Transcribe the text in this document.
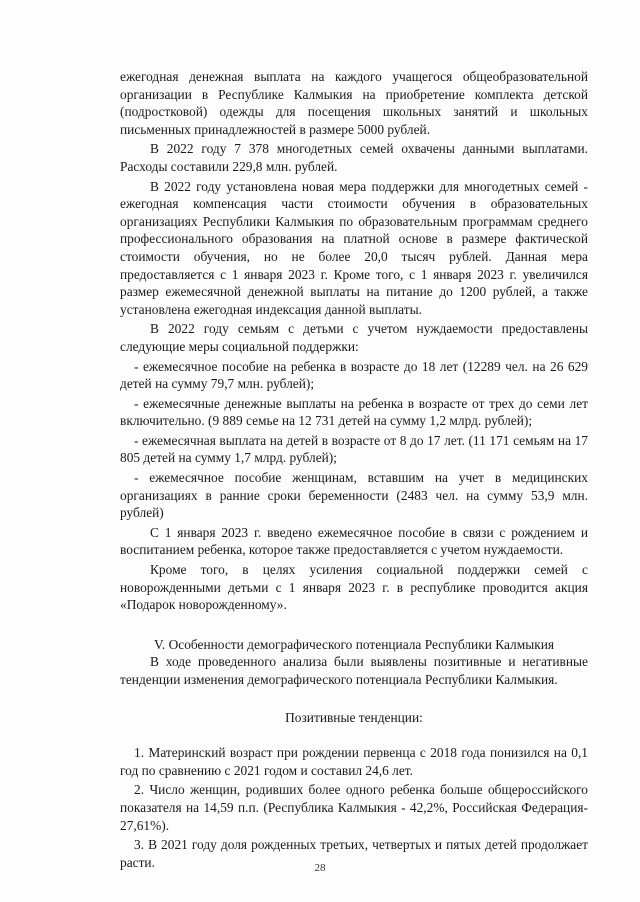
ежегодная денежная выплата на каждого учащегося общеобразовательной организации в Республике Калмыкия на приобретение комплекта детской (подростковой) одежды для посещения школьных занятий и школьных письменных принадлежностей в размере 5000 рублей.

В 2022 году 7 378 многодетных семей охвачены данными выплатами. Расходы составили 229,8 млн. рублей.

В 2022 году установлена новая мера поддержки для многодетных семей - ежегодная компенсация части стоимости обучения в образовательных организациях Республики Калмыкия по образовательным программам среднего профессионального образования на платной основе в размере фактической стоимости обучения, но не более 20,0 тысяч рублей. Данная мера предоставляется с 1 января 2023 г. Кроме того, с 1 января 2023 г. увеличился размер ежемесячной денежной выплаты на питание до 1200 рублей, а также установлена ежегодная индексация данной выплаты.

В 2022 году семьям с детьми с учетом нуждаемости предоставлены следующие меры социальной поддержки:

- ежемесячное пособие на ребенка в возрасте до 18 лет (12289 чел. на 26 629 детей на сумму 79,7 млн. рублей);

- ежемесячные денежные выплаты на ребенка в возрасте от трех до семи лет включительно. (9 889 семье на 12 731 детей на сумму 1,2 млрд. рублей);

- ежемесячная выплата на детей в возрасте от 8 до 17 лет. (11 171 семьям на 17 805 детей на сумму 1,7 млрд. рублей);

- ежемесячное пособие женщинам, вставшим на учет в медицинских организациях в ранние сроки беременности (2483 чел. на сумму 53,9 млн. рублей)

С 1 января 2023 г. введено ежемесячное пособие в связи с рождением и воспитанием ребенка, которое также предоставляется с учетом нуждаемости.

Кроме того, в целях усиления социальной поддержки семей с новорожденными детьми с 1 января 2023 г. в республике проводится акция «Подарок новорожденному».

V. Особенности демографического потенциала Республики Калмыкия

В ходе проведенного анализа были выявлены позитивные и негативные тенденции изменения демографического потенциала Республики Калмыкия.

Позитивные тенденции:

1. Материнский возраст при рождении первенца с 2018 года понизился на 0,1 год по сравнению с 2021 годом и составил 24,6 лет.

2. Число женщин, родивших более одного ребенка больше общероссийского показателя на 14,59 п.п. (Республика Калмыкия - 42,2%, Российская Федерация- 27,61%).

3. В 2021 году доля рожденных третьих, четвертых и пятых детей продолжает расти.	28
